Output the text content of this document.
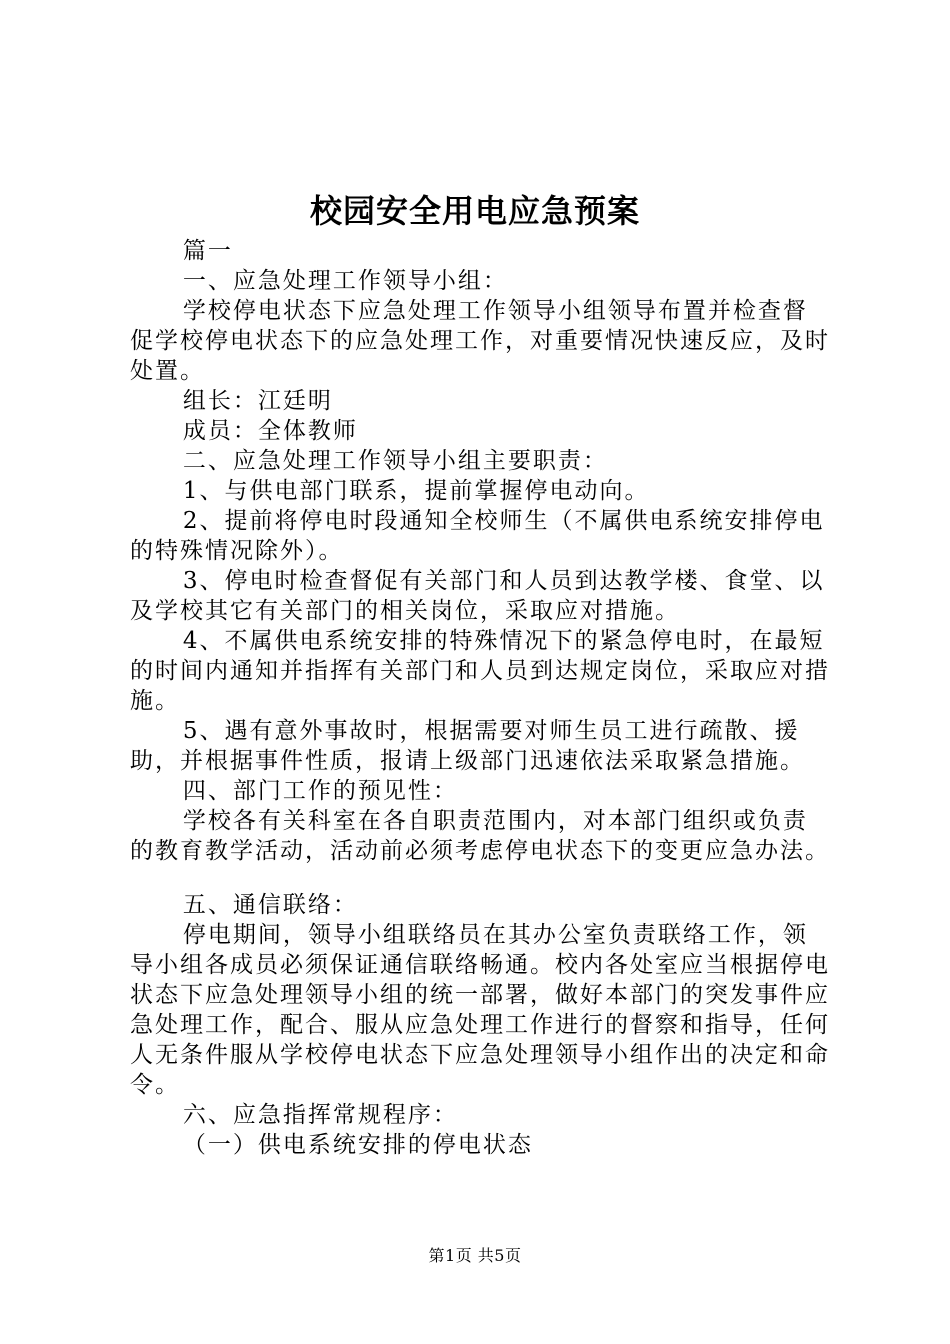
校园安全用电应急预案

篇一

一、应急处理工作领导小组：

学校停电状态下应急处理工作领导小组领导布置并检查督促学校停电状态下的应急处理工作，对重要情况快速反应，及时处置。

组长：江廷明

成员：全体教师

二、应急处理工作领导小组主要职责：

1、与供电部门联系，提前掌握停电动向。

2、提前将停电时段通知全校师生（不属供电系统安排停电的特殊情况除外）。

3、停电时检查督促有关部门和人员到达教学楼、食堂、以及学校其它有关部门的相关岗位，采取应对措施。

4、不属供电系统安排的特殊情况下的紧急停电时，在最短的时间内通知并指挥有关部门和人员到达规定岗位，采取应对措施。

5、遇有意外事故时，根据需要对师生员工进行疏散、援助，并根据事件性质，报请上级部门迅速依法采取紧急措施。

四、部门工作的预见性：

学校各有关科室在各自职责范围内，对本部门组织或负责的教育教学活动，活动前必须考虑停电状态下的变更应急办法。

五、通信联络：

停电期间，领导小组联络员在其办公室负责联络工作，领导小组各成员必须保证通信联络畅通。校内各处室应当根据停电状态下应急处理领导小组的统一部署，做好本部门的突发事件应急处理工作，配合、服从应急处理工作进行的督察和指导，任何人无条件服从学校停电状态下应急处理领导小组作出的决定和命令。

六、应急指挥常规程序：

（一）供电系统安排的停电状态

第1页 共5页
